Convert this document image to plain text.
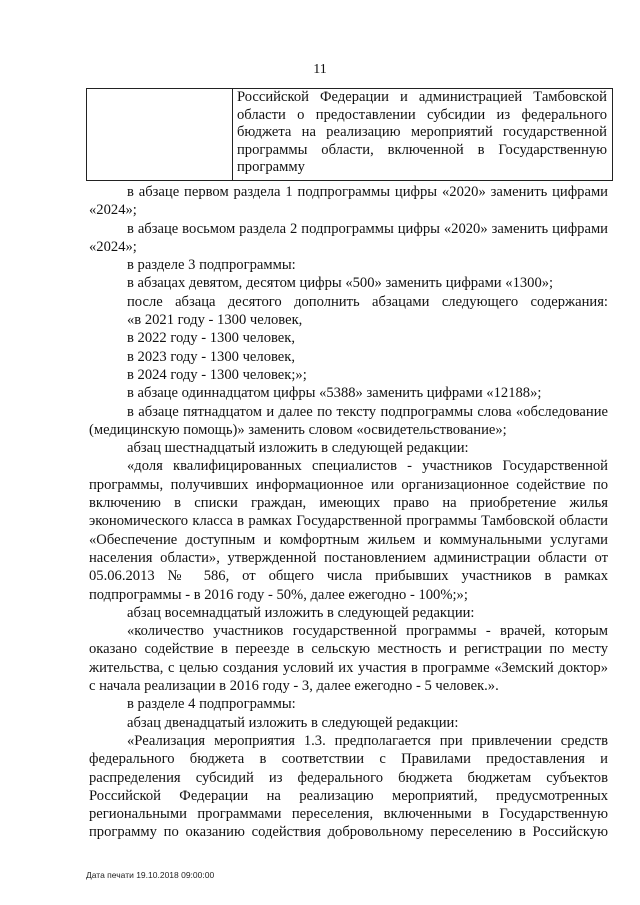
11

Российской Федерации и администрацией Тамбовской области о предоставлении субсидии из федерального бюджета на реализацию мероприятий государственной программы области, включенной в Государственную программу

в абзаце первом раздела 1 подпрограммы цифры «2020» заменить цифрами «2024»;

в абзаце восьмом раздела 2 подпрограммы цифры «2020» заменить цифрами «2024»;

в разделе 3 подпрограммы:

в абзацах девятом, десятом цифры «500» заменить цифрами «1300»;

после абзаца десятого дополнить абзацами следующего содержания:

«в 2021 году - 1300 человек,

в 2022 году - 1300 человек,

в 2023 году - 1300 человек,

в 2024 году - 1300 человек;»;

в абзаце одиннадцатом цифры «5388» заменить цифрами «12188»;

в абзаце пятнадцатом и далее по тексту подпрограммы слова «обследование (медицинскую помощь)» заменить словом «освидетельствование»;

абзац шестнадцатый изложить в следующей редакции:

«доля квалифицированных специалистов - участников Государственной программы, получивших информационное или организационное содействие по включению в списки граждан, имеющих право на приобретение жилья экономического класса в рамках Государственной программы Тамбовской области «Обеспечение доступным и комфортным жильем и коммунальными услугами населения области», утвержденной постановлением администрации области от 05.06.2013 № 586, от общего числа прибывших участников в рамках подпрограммы - в 2016 году - 50%, далее ежегодно - 100%;»;

абзац восемнадцатый изложить в следующей редакции:

«количество участников государственной программы - врачей, которым оказано содействие в переезде в сельскую местность и регистрации по месту жительства, с целью создания условий их участия в программе «Земский доктор» с начала реализации в 2016 году - 3, далее ежегодно - 5 человек.».

в разделе 4 подпрограммы:

абзац двенадцатый изложить в следующей редакции:

«Реализация мероприятия 1.3. предполагается при привлечении средств федерального бюджета в соответствии с Правилами предоставления и распределения субсидий из федерального бюджета бюджетам субъектов Российской Федерации на реализацию мероприятий, предусмотренных региональными программами переселения, включенными в Государственную программу по оказанию содействия добровольному переселению в Российскую

Дата печати 19.10.2018 09:00:00
